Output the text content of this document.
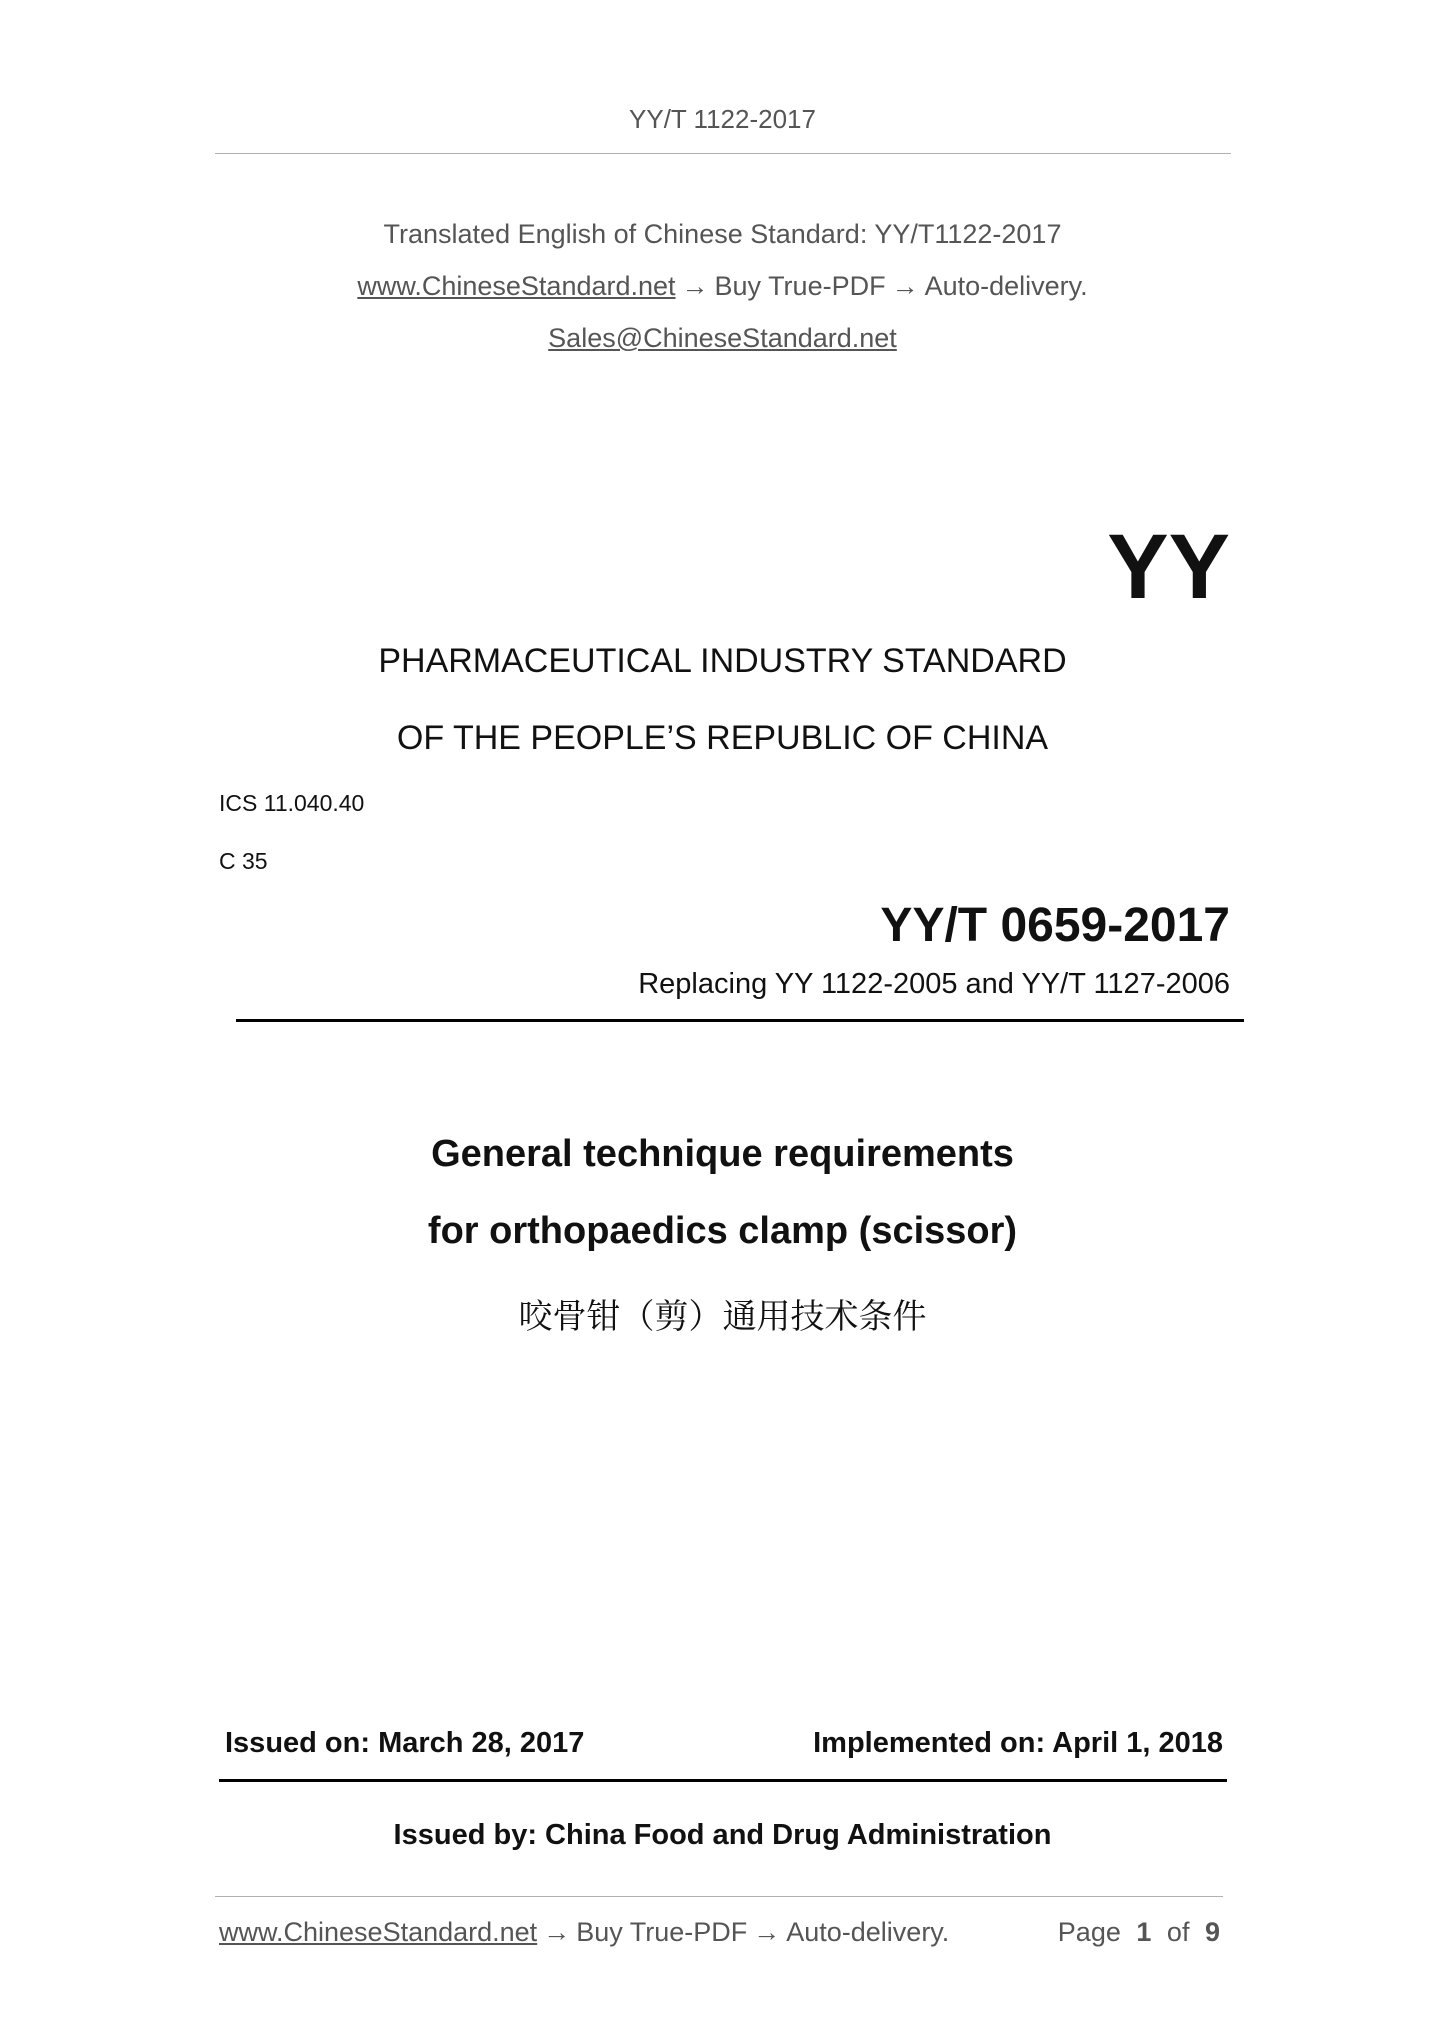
YY/T 1122-2017
Translated English of Chinese Standard: YY/T1122-2017
www.ChineseStandard.net → Buy True-PDF → Auto-delivery.
Sales@ChineseStandard.net
YY
PHARMACEUTICAL INDUSTRY STANDARD
OF THE PEOPLE’S REPUBLIC OF CHINA
ICS 11.040.40
C 35
YY/T 0659-2017
Replacing YY 1122-2005 and YY/T 1127-2006
General technique requirements
for orthopaedics clamp (scissor)
咬骨钳（剪）通用技术条件
Issued on: March 28, 2017	Implemented on: April 1, 2018
Issued by: China Food and Drug Administration
www.ChineseStandard.net → Buy True-PDF → Auto-delivery.	Page 1 of 9
